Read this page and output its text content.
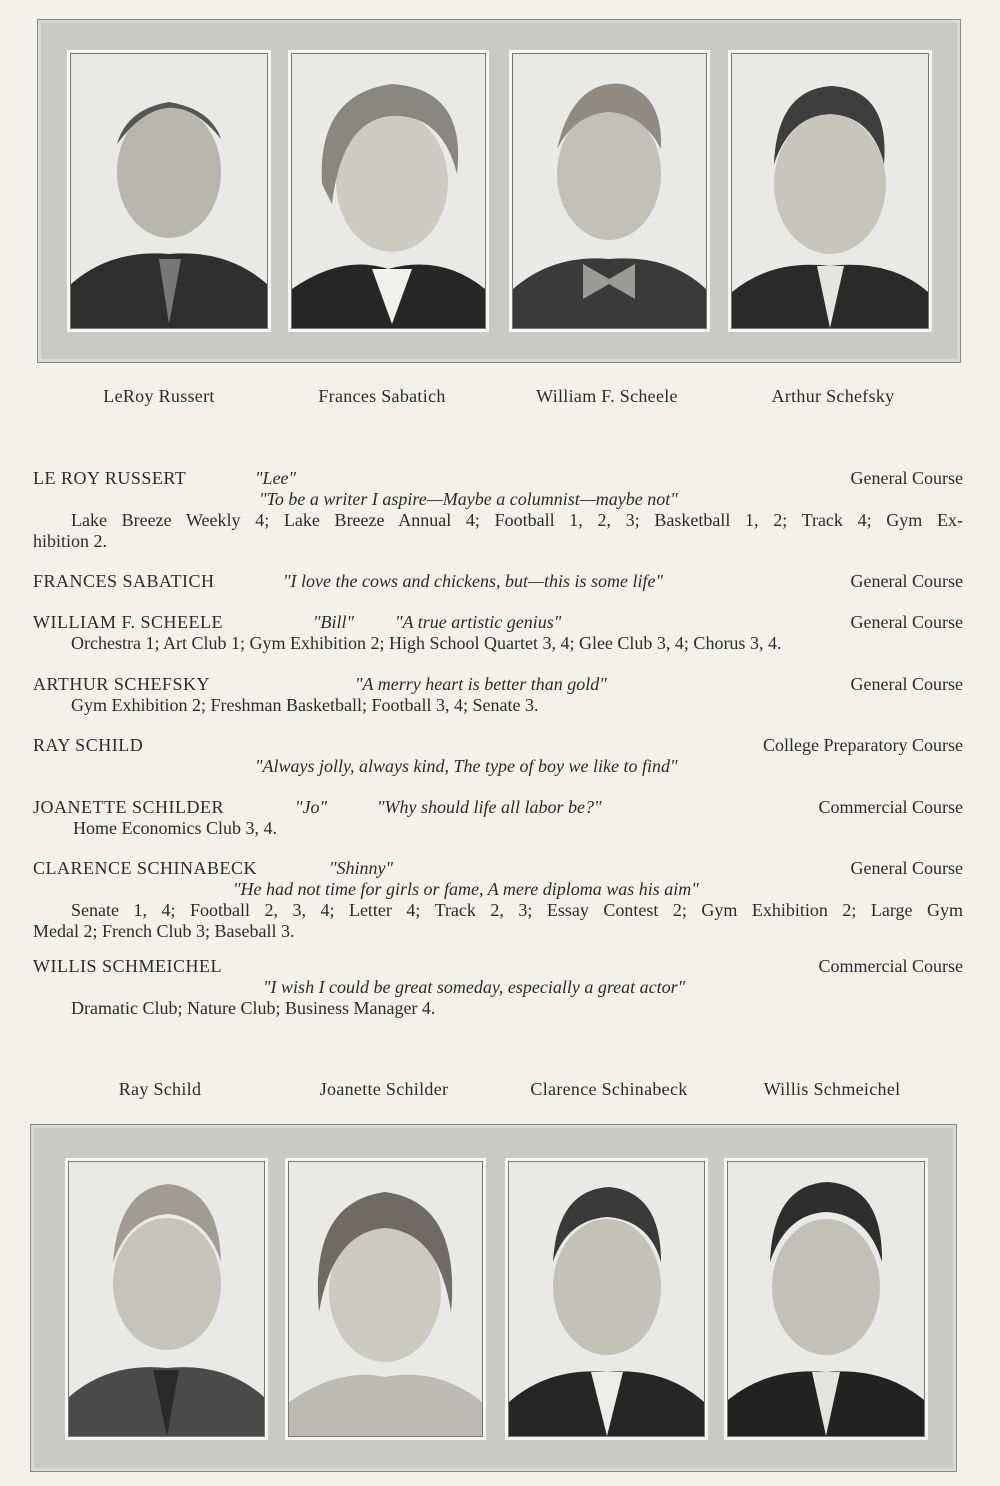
LeRoy Russert	Frances Sabatich	William F. Scheele	Arthur Schefsky
LE ROY RUSSERT	"Lee"	General Course
"To be a writer I aspire—Maybe a columnist—maybe not"
Lake Breeze Weekly 4; Lake Breeze Annual 4; Football 1, 2, 3; Basketball 1, 2; Track 4; Gym Ex-
hibition 2.
FRANCES SABATICH	"I love the cows and chickens, but—this is some life"	General Course
WILLIAM F. SCHEELE	"Bill" "A true artistic genius"	General Course
Orchestra 1; Art Club 1; Gym Exhibition 2; High School Quartet 3, 4; Glee Club 3, 4; Chorus 3, 4.
ARTHUR SCHEFSKY	"A merry heart is better than gold"	General Course
Gym Exhibition 2; Freshman Basketball; Football 3, 4; Senate 3.
RAY SCHILD	College Preparatory Course
"Always jolly, always kind, The type of boy we like to find"
JOANETTE SCHILDER	"Jo"	"Why should life all labor be?"	Commercial Course
Home Economics Club 3, 4.
CLARENCE SCHINABECK	"Shinny"	General Course
"He had not time for girls or fame, A mere diploma was his aim"
Senate 1, 4; Football 2, 3, 4; Letter 4; Track 2, 3; Essay Contest 2; Gym Exhibition 2; Large Gym
Medal 2; French Club 3; Baseball 3.
WILLIS SCHMEICHEL	Commercial Course
"I wish I could be great someday, especially a great actor"
Dramatic Club; Nature Club; Business Manager 4.
Ray Schild	Joanette Schilder	Clarence Schinabeck	Willis Schmeichel
